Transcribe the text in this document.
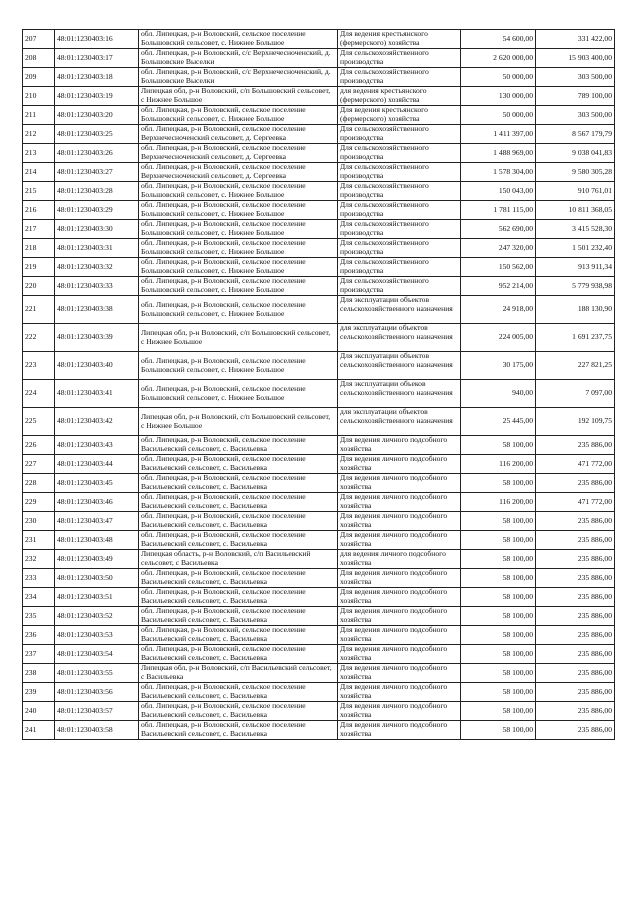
207	48:01:1230403:16	обл. Липецкая, р-н Воловский, сельское поселение Большовский сельсовет, с. Нижнее Большое	Для ведения крестьянского (фермерского) хозяйства	54 600,00	331 422,00
208	48:01:1230403:17	обл. Липецкая, р-н Воловский, с/с Верхнечесноченский, д. Большовские Выселки	Для сельскохозяйственного производства	2 620 000,00	15 903 400,00
209	48:01:1230403:18	обл. Липецкая, р-н Воловский, с/с Верхнечесноченский, д. Большовские Выселки	Для сельскохозяйственного производства	50 000,00	303 500,00
210	48:01:1230403:19	Липецкая обл, р-н Воловский, с/п Большовский сельсовет, с Нижнее Большое	для ведения крестьянского (фермерского) хозяйства	130 000,00	789 100,00
211	48:01:1230403:20	обл. Липецкая, р-н Воловский, сельское поселение Большовский сельсовет, с. Нижнее Большое	Для ведения крестьянского (фермерского) хозяйства	50 000,00	303 500,00
212	48:01:1230403:25	обл. Липецкая, р-н Воловский, сельское поселение Верхнечесноченский сельсовет, д. Сергеевка	Для сельскохозяйственного производства	1 411 397,00	8 567 179,79
213	48:01:1230403:26	обл. Липецкая, р-н Воловский, сельское поселение Верхнечесноченский сельсовет, д. Сергеевка	Для сельскохозяйственного производства	1 488 969,00	9 038 041,83
214	48:01:1230403:27	обл. Липецкая, р-н Воловский, сельское поселение Верхнечесноченский сельсовет, д. Сергеевка	Для сельскохозяйственного производства	1 578 304,00	9 580 305,28
215	48:01:1230403:28	обл. Липецкая, р-н Воловский, сельское поселение Большовский сельсовет, с. Нижнее Большое	Для сельскохозяйственного производства	150 043,00	910 761,01
216	48:01:1230403:29	обл. Липецкая, р-н Воловский, сельское поселение Большовский сельсовет, с. Нижнее Большое	Для сельскохозяйственного производства	1 781 115,00	10 811 368,05
217	48:01:1230403:30	обл. Липецкая, р-н Воловский, сельское поселение Большовский сельсовет, с. Нижнее Большое	Для сельскохозяйственного производства	562 690,00	3 415 528,30
218	48:01:1230403:31	обл. Липецкая, р-н Воловский, сельское поселение Большовский сельсовет, с. Нижнее Большое	Для сельскохозяйственного производства	247 320,00	1 501 232,40
219	48:01:1230403:32	обл. Липецкая, р-н Воловский, сельское поселение Большовский сельсовет, с. Нижнее Большое	Для сельскохозяйственного производства	150 562,00	913 911,34
220	48:01:1230403:33	обл. Липецкая, р-н Воловский, сельское поселение Большовский сельсовет, с. Нижнее Большое	Для сельскохозяйственного производства	952 214,00	5 779 938,98
221	48:01:1230403:38	обл. Липецкая, р-н Воловский, сельское поселение Большовский сельсовет, с. Нижнее Большое	Для эксплуатации объектов сельскохозяйственного назначения	24 918,00	188 130,90
222	48:01:1230403:39	Липецкая обл, р-н Воловский, с/п Большовский сельсовет, с Нижнее Большое	для эксплуатации объектов сельскохозяйственного назначения	224 005,00	1 691 237,75
223	48:01:1230403:40	обл. Липецкая, р-н Воловский, сельское поселение Большовский сельсовет, с. Нижнее Большое	Для эксплуатации объектов сельскохозяйственного назначения	30 175,00	227 821,25
224	48:01:1230403:41	обл. Липецкая, р-н Воловский, сельское поселение Большовский сельсовет, с. Нижнее Большое	Для эксплуатации объеков сельскохозяйственного назначения	940,00	7 097,00
225	48:01:1230403:42	Липецкая обл, р-н Воловский, с/п Большовский сельсовет, с Нижнее Большое	для эксплуатации объектов сельскохозяйственного назначения	25 445,00	192 109,75
226	48:01:1230403:43	обл. Липецкая, р-н Воловский, сельское поселение Васильевский сельсовет, с. Васильевка	Для ведения личного подсобного хозяйства	58 100,00	235 886,00
227	48:01:1230403:44	обл. Липецкая, р-н Воловский, сельское поселение Васильевский сельсовет, с. Васильевка	Для ведения личного подсобного хозяйства	116 200,00	471 772,00
228	48:01:1230403:45	обл. Липецкая, р-н Воловский, сельское поселение Васильевский сельсовет, с. Васильевка	Для ведения личного подсобного хозяйства	58 100,00	235 886,00
229	48:01:1230403:46	обл. Липецкая, р-н Воловский, сельское поселение Васильевский сельсовет, с. Васильевка	Для ведения личного подсобного хозяйства	116 200,00	471 772,00
230	48:01:1230403:47	обл. Липецкая, р-н Воловский, сельское поселение Васильевский сельсовет, с. Васильевка	Для ведения личного подсобного хозяйства	58 100,00	235 886,00
231	48:01:1230403:48	обл. Липецкая, р-н Воловский, сельское поселение Васильевский сельсовет, с. Васильевка	Для ведения личного подсобного хозяйства	58 100,00	235 886,00
232	48:01:1230403:49	Липецкая область, р-н Воловский, с/п Васильевский сельсовет, с Васильевка	для ведения личного подсобного хозяйства	58 100,00	235 886,00
233	48:01:1230403:50	обл. Липецкая, р-н Воловский, сельское поселение Васильевский сельсовет, с. Васильевка	Для ведения личного подсобного хозяйства	58 100,00	235 886,00
234	48:01:1230403:51	обл. Липецкая, р-н Воловский, сельское поселение Васильевский сельсовет, с. Васильевка	Для ведения личного подсобного хозяйства	58 100,00	235 886,00
235	48:01:1230403:52	обл. Липецкая, р-н Воловский, сельское поселение Васильевский сельсовет, с. Васильевка	Для ведения личного подсобного хозяйства	58 100,00	235 886,00
236	48:01:1230403:53	обл. Липецкая, р-н Воловский, сельское поселение Васильевский сельсовет, с. Васильевка	Для ведения личного подсобного хозяйства	58 100,00	235 886,00
237	48:01:1230403:54	обл. Липецкая, р-н Воловский, сельское поселение Васильевский сельсовет, с. Васильевка	Для ведения личного подсобного хозяйства	58 100,00	235 886,00
238	48:01:1230403:55	Липецкая обл, р-н Воловский, с/п Васильевский сельсовет, с Васильевка	Для ведения личного подсобного хозяйства	58 100,00	235 886,00
239	48:01:1230403:56	обл. Липецкая, р-н Воловский, сельское поселение Васильевский сельсовет, с. Васильевка	Для ведения личного подсобного хозяйства	58 100,00	235 886,00
240	48:01:1230403:57	обл. Липецкая, р-н Воловский, сельское поселение Васильевский сельсовет, с. Васильевка	Для ведения личного подсобного хозяйства	58 100,00	235 886,00
241	48:01:1230403:58	обл. Липецкая, р-н Воловский, сельское поселение Васильевский сельсовет, с. Васильевка	Для ведения личного подсобного хозяйства	58 100,00	235 886,00
